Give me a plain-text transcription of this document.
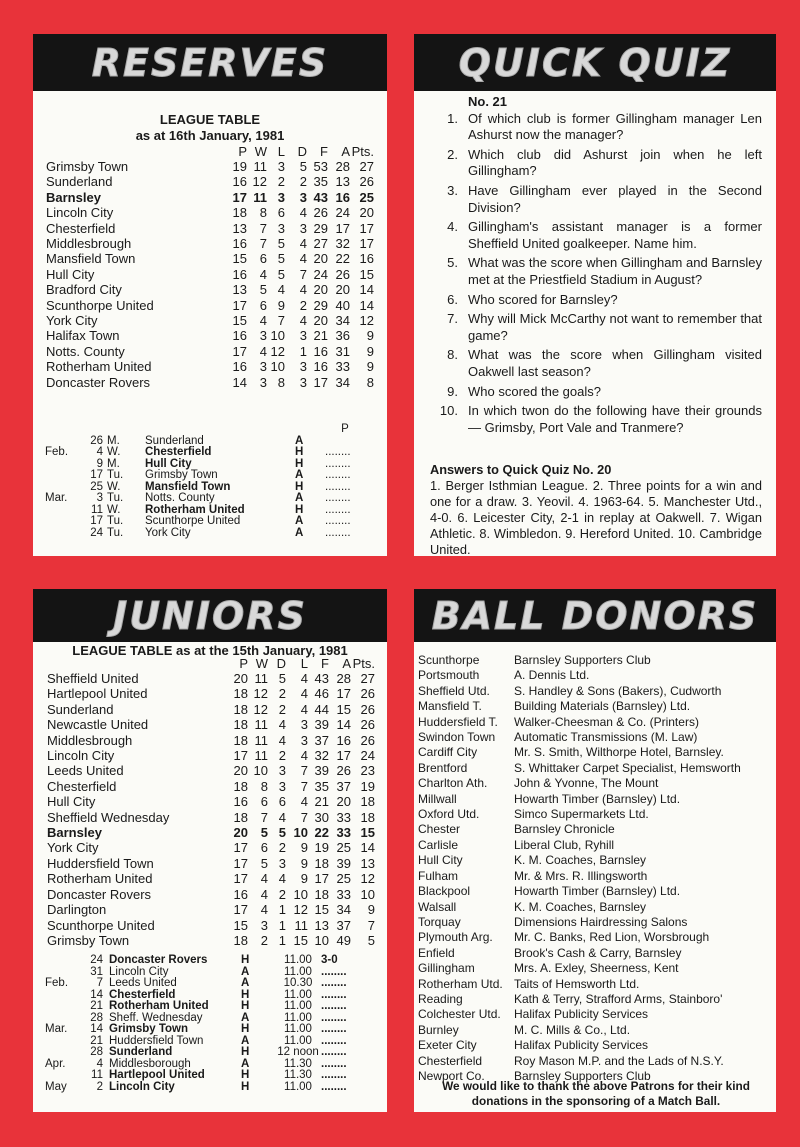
RESERVES
LEAGUE TABLE
as at 16th January, 1981
	P	W	L	D	F	A	Pts.
Grimsby Town	19	11	3	5	53	28	27
Sunderland	16	12	2	2	35	13	26
Barnsley	17	11	3	3	43	16	25
Lincoln City	18	8	6	4	26	24	20
Chesterfield	13	7	3	3	29	17	17
Middlesbrough	16	7	5	4	27	32	17
Mansfield Town	15	6	5	4	20	22	16
Hull City	16	4	5	7	24	26	15
Bradford City	13	5	4	4	20	20	14
Scunthorpe United	17	6	9	2	29	40	14
York City	15	4	7	4	20	34	12
Halifax Town	16	3	10	3	21	36	9
Notts. County	17	4	12	1	16	31	9
Rotherham United	16	3	10	3	16	33	9
Doncaster Rovers	14	3	8	3	17	34	8
					P
	26	M.	Sunderland	A	
Feb.	4	W.	Chesterfield	H	........
	9	M.	Hull City	H	........
	17	Tu.	Grimsby Town	A	........
	25	W.	Mansfield Town	H	........
Mar.	3	Tu.	Notts. County	A	........
	11	W.	Rotherham United	H	........
	17	Tu.	Scunthorpe United	A	........
	24	Tu.	York City	A	........
QUICK QUIZ
No. 21
1. Of which club is former Gillingham manager Len Ashurst now the manager?
2. Which club did Ashurst join when he left Gillingham?
3. Have Gillingham ever played in the Second Division?
4. Gillingham's assistant manager is a former Sheffield United goalkeeper. Name him.
5. What was the score when Gillingham and Barnsley met at the Priestfield Stadium in August?
6. Who scored for Barnsley?
7. Why will Mick McCarthy not want to remember that game?
8. What was the score when Gillingham visited Oakwell last season?
9. Who scored the goals?
10. In which twon do the following have their grounds — Grimsby, Port Vale and Tranmere?
Answers to Quick Quiz No. 20
1. Berger Isthmian League. 2. Three points for a win and one for a draw. 3. Yeovil. 4. 1963-64. 5. Manchester Utd., 4-0. 6. Leicester City, 2-1 in replay at Oakwell. 7. Wigan Athletic. 8. Wimbledon. 9. Hereford United. 10. Cambridge United.
JUNIORS
LEAGUE TABLE as at the 15th January, 1981
	P	W	D	L	F	A	Pts.
Sheffield United	20	11	5	4	43	28	27
Hartlepool United	18	12	2	4	46	17	26
Sunderland	18	12	2	4	44	15	26
Newcastle United	18	11	4	3	39	14	26
Middlesbrough	18	11	4	3	37	16	26
Lincoln City	17	11	2	4	32	17	24
Leeds United	20	10	3	7	39	26	23
Chesterfield	18	8	3	7	35	37	19
Hull City	16	6	6	4	21	20	18
Sheffield Wednesday	18	7	4	7	30	33	18
Barnsley	20	5	5	10	22	33	15
York City	17	6	2	9	19	25	14
Huddersfield Town	17	5	3	9	18	39	13
Rotherham United	17	4	4	9	17	25	12
Doncaster Rovers	16	4	2	10	18	33	10
Darlington	17	4	1	12	15	34	9
Scunthorpe United	15	3	1	11	13	37	7
Grimsby Town	18	2	1	15	10	49	5
	24	Doncaster Rovers	H	11.00	3-0
	31	Lincoln City	A	11.00	........
Feb.	7	Leeds United	A	10.30	........
	14	Chesterfield	H	11.00	........
	21	Rotherham United	H	11.00	........
	28	Sheff. Wednesday	A	11.00	........
Mar.	14	Grimsby Town	H	11.00	........
	21	Huddersfield Town	A	11.00	........
	28	Sunderland	H	12 noon	........
Apr.	4	Middlesborough	A	11.30	........
	11	Hartlepool United	H	11.30	........
May	2	Lincoln City	H	11.00	........
BALL DONORS
Scunthorpe	Barnsley Supporters Club
Portsmouth	A. Dennis Ltd.
Sheffield Utd.	S. Handley & Sons (Bakers), Cudworth
Mansfield T.	Building Materials (Barnsley) Ltd.
Huddersfield T.	Walker-Cheesman & Co. (Printers)
Swindon Town	Automatic Transmissions (M. Law)
Cardiff City	Mr. S. Smith, Wilthorpe Hotel, Barnsley.
Brentford	S. Whittaker Carpet Specialist, Hemsworth
Charlton Ath.	John & Yvonne, The Mount
Millwall	Howarth Timber (Barnsley) Ltd.
Oxford Utd.	Simco Supermarkets Ltd.
Chester	Barnsley Chronicle
Carlisle	Liberal Club, Ryhill
Hull City	K. M. Coaches, Barnsley
Fulham	Mr. & Mrs. R. Illingsworth
Blackpool	Howarth Timber (Barnsley) Ltd.
Walsall	K. M. Coaches, Barnsley
Torquay	Dimensions Hairdressing Salons
Plymouth Arg.	Mr. C. Banks, Red Lion, Worsbrough
Enfield	Brook's Cash & Carry, Barnsley
Gillingham	Mrs. A. Exley, Sheerness, Kent
Rotherham Utd.	Taits of Hemsworth Ltd.
Reading	Kath & Terry, Strafford Arms, Stainboro'
Colchester Utd.	Halifax Publicity Services
Burnley	M. C. Mills & Co., Ltd.
Exeter City	Halifax Publicity Services
Chesterfield	Roy Mason M.P. and the Lads of N.S.Y.
Newport Co.	Barnsley Supporters Club
We would like to thank the above Patrons for their kind donations in the sponsoring of a Match Ball.
